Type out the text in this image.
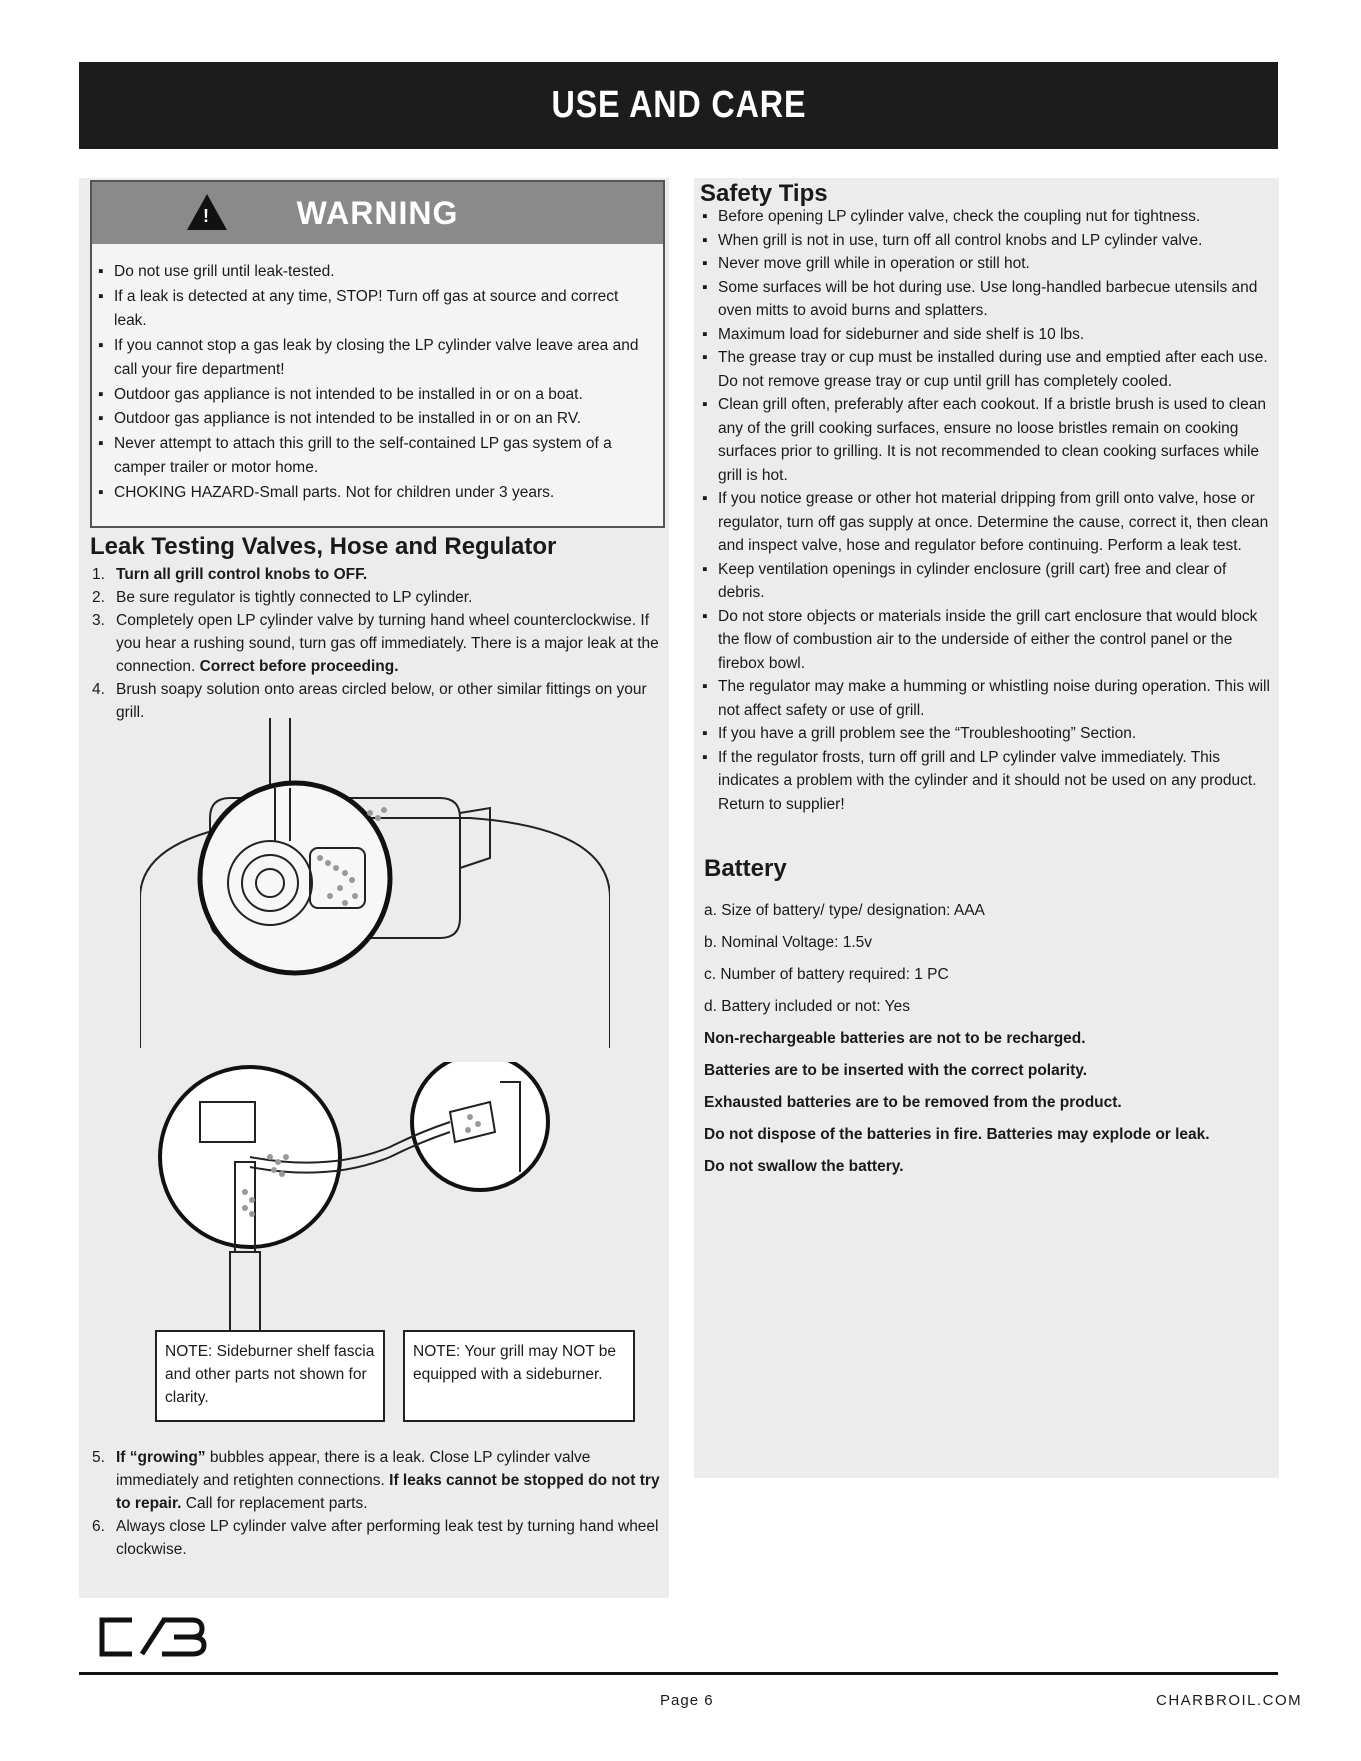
USE AND CARE
!	WARNING
▪ Do not use grill until leak-tested.
▪ If a leak is detected at any time, STOP! Turn off gas at source and correct leak.
▪ If you cannot stop a gas leak by closing the LP cylinder valve leave area and call your fire department!
▪ Outdoor gas appliance is not intended to be installed in or on a boat.
▪ Outdoor gas appliance is not intended to be installed in or on an RV.
▪ Never attempt to attach this grill to the self-contained LP gas system of a camper trailer or motor home.
▪ CHOKING HAZARD-Small parts. Not for children under 3 years.
Leak Testing Valves, Hose and Regulator
1. Turn all grill control knobs to OFF.
2. Be sure regulator is tightly connected to LP cylinder.
3. Completely open LP cylinder valve by turning hand wheel counterclockwise. If you hear a rushing sound, turn gas off immediately. There is a major leak at the connection. Correct before proceeding.
4. Brush soapy solution onto areas circled below, or other similar fittings on your grill.
NOTE: Sideburner shelf fascia and other parts not shown for clarity.
NOTE: Your grill may NOT be equipped with a sideburner.
5. If “growing” bubbles appear, there is a leak. Close LP cylinder valve immediately and retighten connections. If leaks cannot be stopped do not try to repair. Call for replacement parts.
6. Always close LP cylinder valve after performing leak test by turning hand wheel clockwise.
Safety Tips
▪ Before opening LP cylinder valve, check the coupling nut for tightness.
▪ When grill is not in use, turn off all control knobs and LP cylinder valve.
▪ Never move grill while in operation or still hot.
▪ Some surfaces will be hot during use. Use long-handled barbecue utensils and oven mitts to avoid burns and splatters.
▪ Maximum load for sideburner and side shelf is 10 lbs.
▪ The grease tray or cup must be installed during use and emptied after each use. Do not remove grease tray or cup until grill has completely cooled.
▪ Clean grill often, preferably after each cookout. If a bristle brush is used to clean any of the grill cooking surfaces, ensure no loose bristles remain on cooking surfaces prior to grilling. It is not recommended to clean cooking surfaces while grill is hot.
▪ If you notice grease or other hot material dripping from grill onto valve, hose or regulator, turn off gas supply at once. Determine the cause, correct it, then clean and inspect valve, hose and regulator before continuing. Perform a leak test.
▪ Keep ventilation openings in cylinder enclosure (grill cart) free and clear of debris.
▪ Do not store objects or materials inside the grill cart enclosure that would block the flow of combustion air to the underside of either the control panel or the firebox bowl.
▪ The regulator may make a humming or whistling noise during operation. This will not affect safety or use of grill.
▪ If you have a grill problem see the “Troubleshooting” Section.
▪ If the regulator frosts, turn off grill and LP cylinder valve immediately. This indicates a problem with the cylinder and it should not be used on any product. Return to supplier!
Battery
a. Size of battery/ type/ designation: AAA
b. Nominal Voltage: 1.5v
c. Number of battery required: 1 PC
d. Battery included or not: Yes
Non-rechargeable batteries are not to be recharged.
Batteries are to be inserted with the correct polarity.
Exhausted batteries are to be removed from the product.
Do not dispose of the batteries in fire. Batteries may explode or leak.
Do not swallow the battery.
Page 6	CHARBROIL.COM
